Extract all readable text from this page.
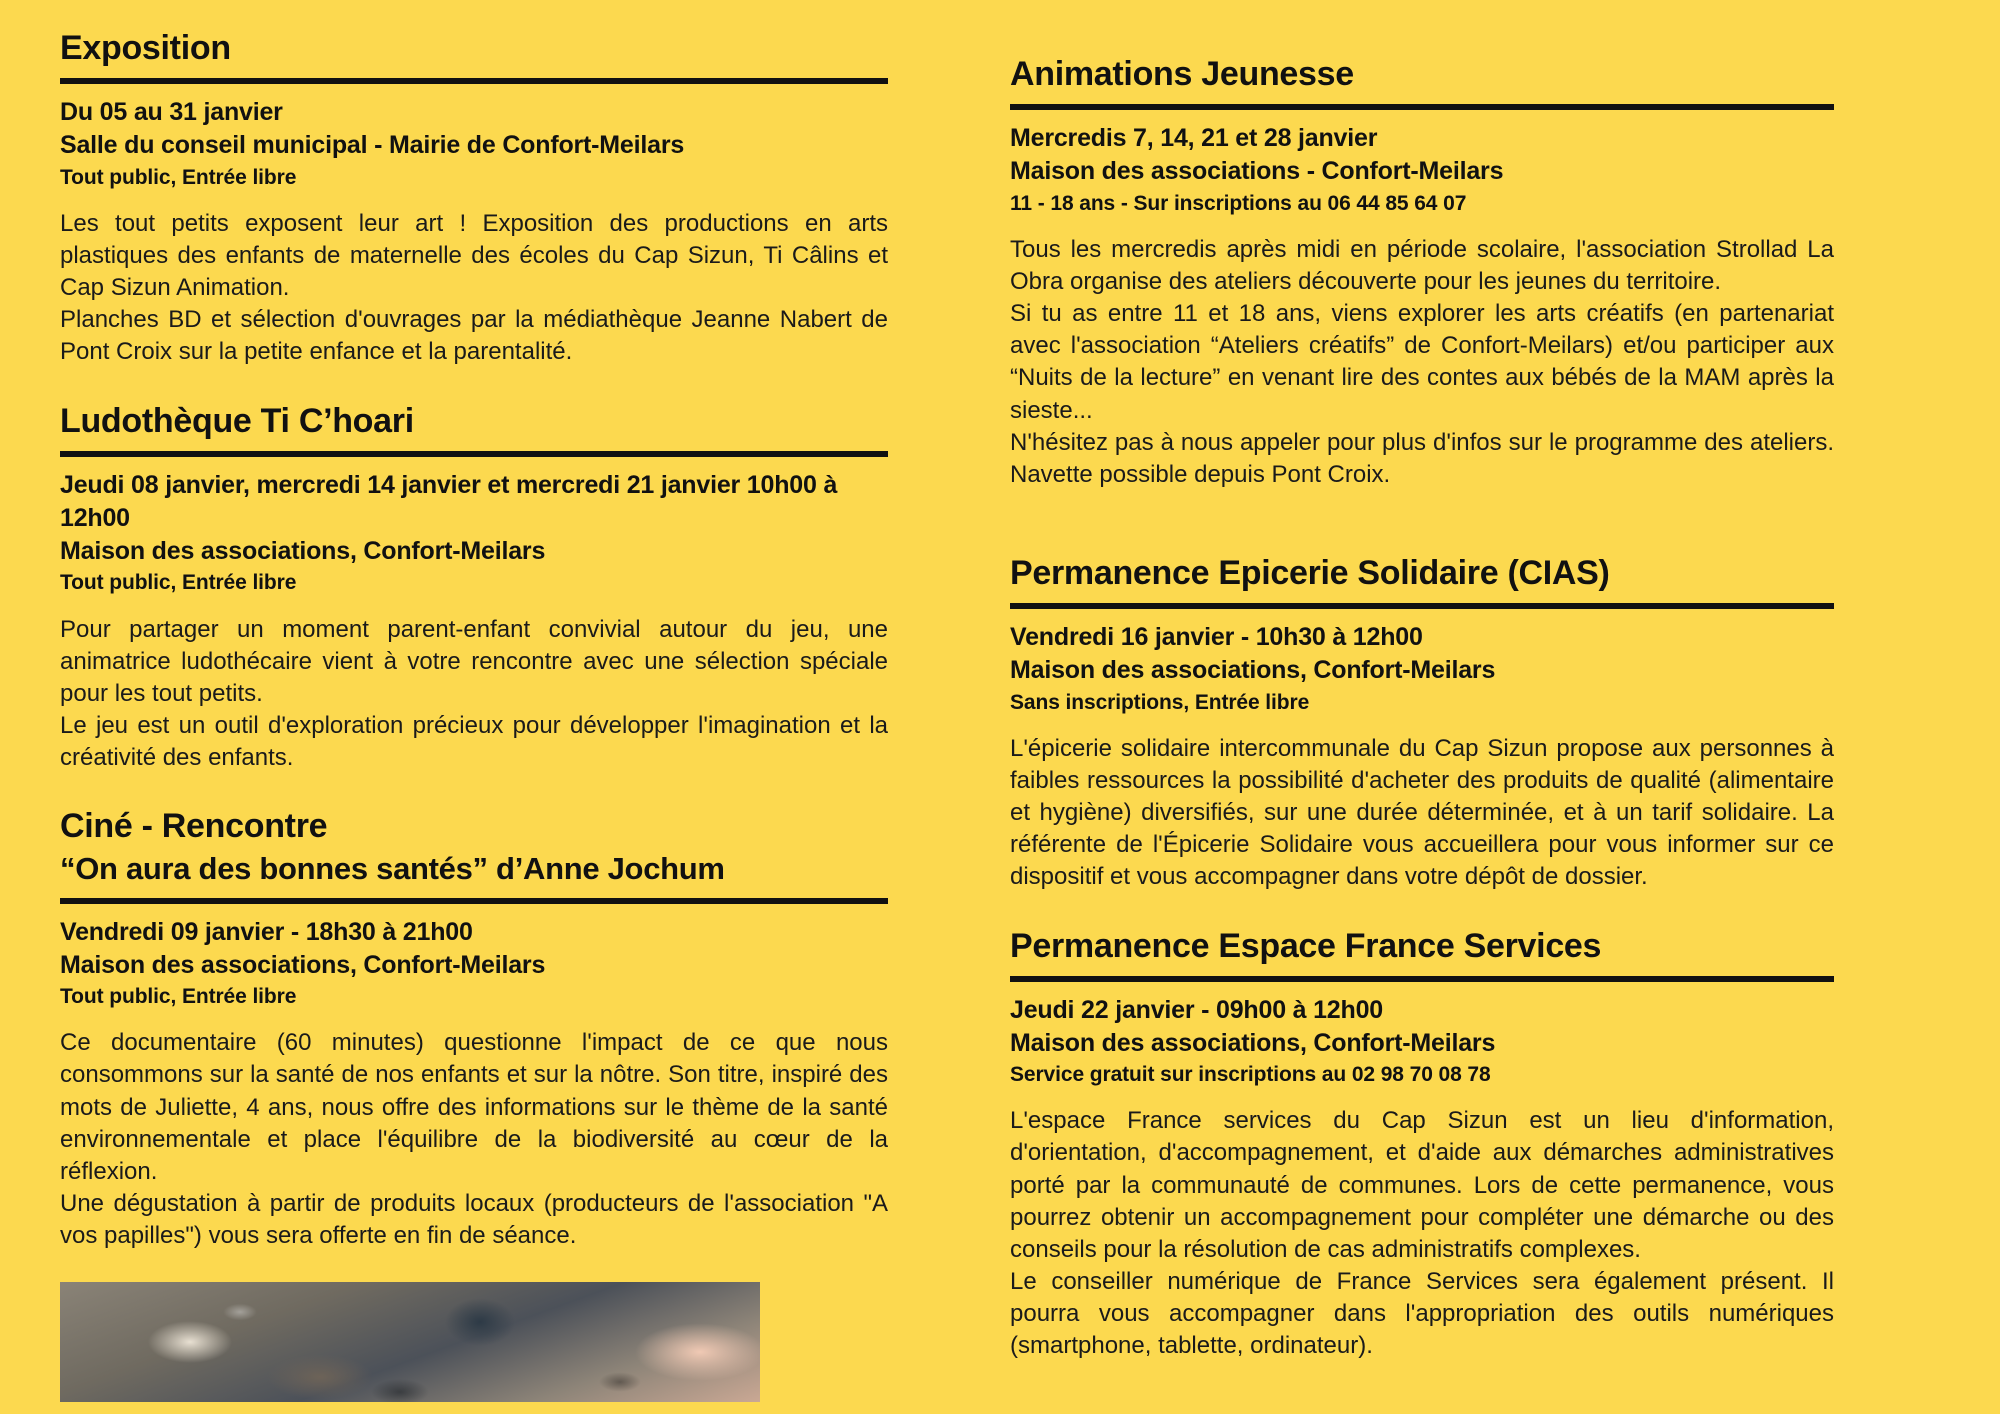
Exposition
Du 05 au 31 janvier
Salle du conseil municipal - Mairie de Confort-Meilars
Tout public, Entrée libre

Les tout petits exposent leur art ! Exposition des productions en arts plastiques des enfants de maternelle des écoles du Cap Sizun, Ti Câlins et Cap Sizun Animation.

Planches BD et sélection d'ouvrages par la médiathèque Jeanne Nabert de Pont Croix sur la petite enfance et la parentalité.

Ludothèque Ti C’hoari
Jeudi 08 janvier, mercredi 14 janvier et mercredi 21 janvier 10h00 à 12h00
Maison des associations, Confort-Meilars
Tout public, Entrée libre

Pour partager un moment parent-enfant convivial autour du jeu, une animatrice ludothécaire vient à votre rencontre avec une sélection spéciale pour les tout petits.

Le jeu est un outil d'exploration précieux pour développer l'imagination et la créativité des enfants.

Ciné - Rencontre
“On aura des bonnes santés” d’Anne Jochum
Vendredi 09 janvier - 18h30 à 21h00
Maison des associations, Confort-Meilars
Tout public, Entrée libre

Ce documentaire (60 minutes) questionne l'impact de ce que nous consommons sur la santé de nos enfants et sur la nôtre. Son titre, inspiré des mots de Juliette, 4 ans, nous offre des informations sur le thème de la santé environnementale et place l'équilibre de la biodiversité au cœur de la réflexion.

Une dégustation à partir de produits locaux (producteurs de l'association "A vos papilles") vous sera offerte en fin de séance.

Animations Jeunesse
Mercredis 7, 14, 21 et 28 janvier
Maison des associations - Confort-Meilars
11 - 18 ans - Sur inscriptions au 06 44 85 64 07

Tous les mercredis après midi en période scolaire, l'association Strollad La Obra organise des ateliers découverte pour les jeunes du territoire.

Si tu as entre 11 et 18 ans, viens explorer les arts créatifs (en partenariat avec l'association “Ateliers créatifs” de Confort-Meilars) et/ou participer aux “Nuits de la lecture” en venant lire des contes aux bébés de la MAM après la sieste...

N'hésitez pas à nous appeler pour plus d'infos sur le programme des ateliers. Navette possible depuis Pont Croix.

Permanence Epicerie Solidaire (CIAS)
Vendredi 16 janvier - 10h30 à 12h00
Maison des associations, Confort-Meilars
Sans inscriptions, Entrée libre

L'épicerie solidaire intercommunale du Cap Sizun propose aux personnes à faibles ressources la possibilité d'acheter des produits de qualité (alimentaire et hygiène) diversifiés, sur une durée déterminée, et à un tarif solidaire. La référente de l'Épicerie Solidaire vous accueillera pour vous informer sur ce dispositif et vous accompagner dans votre dépôt de dossier.

Permanence Espace France Services
Jeudi 22 janvier - 09h00 à 12h00
Maison des associations, Confort-Meilars
Service gratuit sur inscriptions au 02 98 70 08 78

L'espace France services du Cap Sizun est un lieu d'information, d'orientation, d'accompagnement, et d'aide aux démarches administratives porté par la communauté de communes. Lors de cette permanence, vous pourrez obtenir un accompagnement pour compléter une démarche ou des conseils pour la résolution de cas administratifs complexes.

Le conseiller numérique de France Services sera également présent. Il pourra vous accompagner dans l'appropriation des outils numériques (smartphone, tablette, ordinateur).
